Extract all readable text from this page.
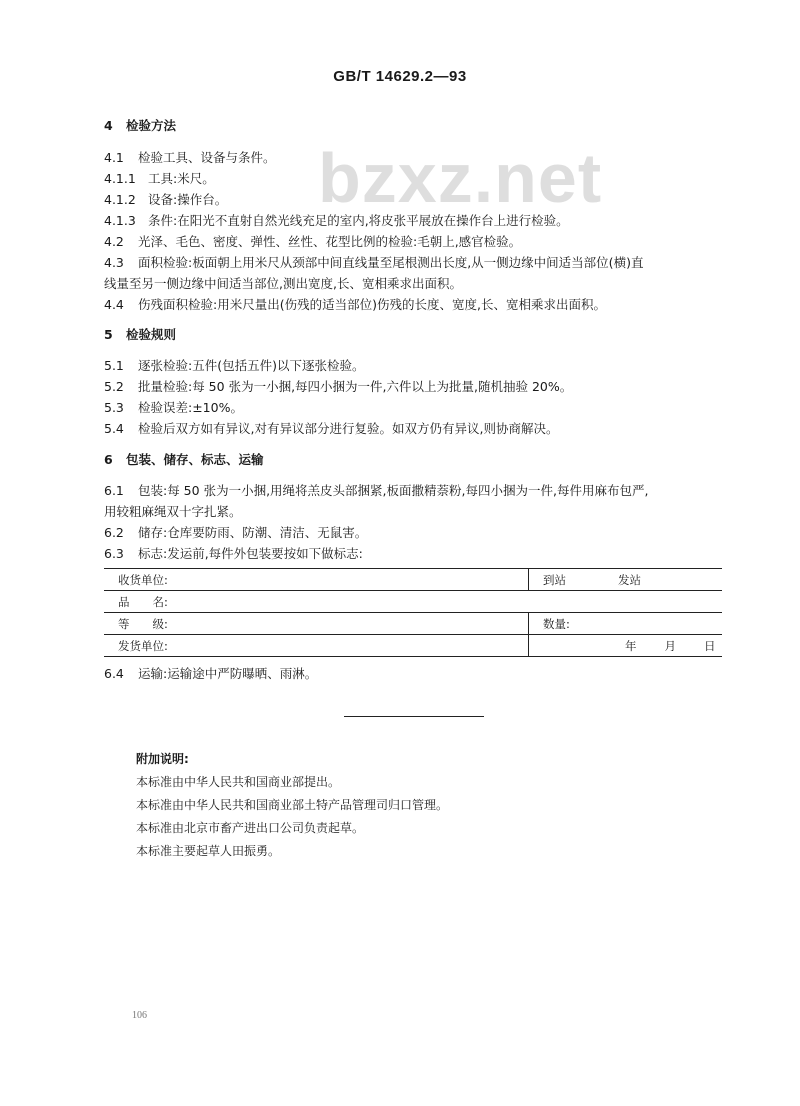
GB/T 14629.2—93
bzxz.net
4 检验方法
4.1 检验工具、设备与条件。
4.1.1 工具:米尺。
4.1.2 设备:操作台。
4.1.3 条件:在阳光不直射自然光线充足的室内,将皮张平展放在操作台上进行检验。
4.2 光泽、毛色、密度、弹性、丝性、花型比例的检验:毛朝上,感官检验。
4.3 面积检验:板面朝上用米尺从颈部中间直线量至尾根测出长度,从一侧边缘中间适当部位(横)直
线量至另一侧边缘中间适当部位,测出宽度,长、宽相乘求出面积。
4.4 伤残面积检验:用米尺量出(伤残的适当部位)伤残的长度、宽度,长、宽相乘求出面积。
5 检验规则
5.1 逐张检验:五件(包括五件)以下逐张检验。
5.2 批量检验:每 50 张为一小捆,每四小捆为一件,六件以上为批量,随机抽验 20%。
5.3 检验误差:±10%。
5.4 检验后双方如有异议,对有异议部分进行复验。如双方仍有异议,则协商解决。
6 包装、储存、标志、运输
6.1 包装:每 50 张为一小捆,用绳将羔皮头部捆紧,板面撒精萘粉,每四小捆为一件,每件用麻布包严,
用较粗麻绳双十字扎紧。
6.2 储存:仓库要防雨、防潮、清洁、无鼠害。
6.3 标志:发运前,每件外包装要按如下做标志:
收货单位:	到站 发站
品　　名:	
等　　级:	数量:
发货单位:	年 月 日
6.4 运输:运输途中严防曝晒、雨淋。
附加说明:
本标准由中华人民共和国商业部提出。
本标准由中华人民共和国商业部土特产品管理司归口管理。
本标准由北京市畜产进出口公司负责起草。
本标准主要起草人田振勇。
106
